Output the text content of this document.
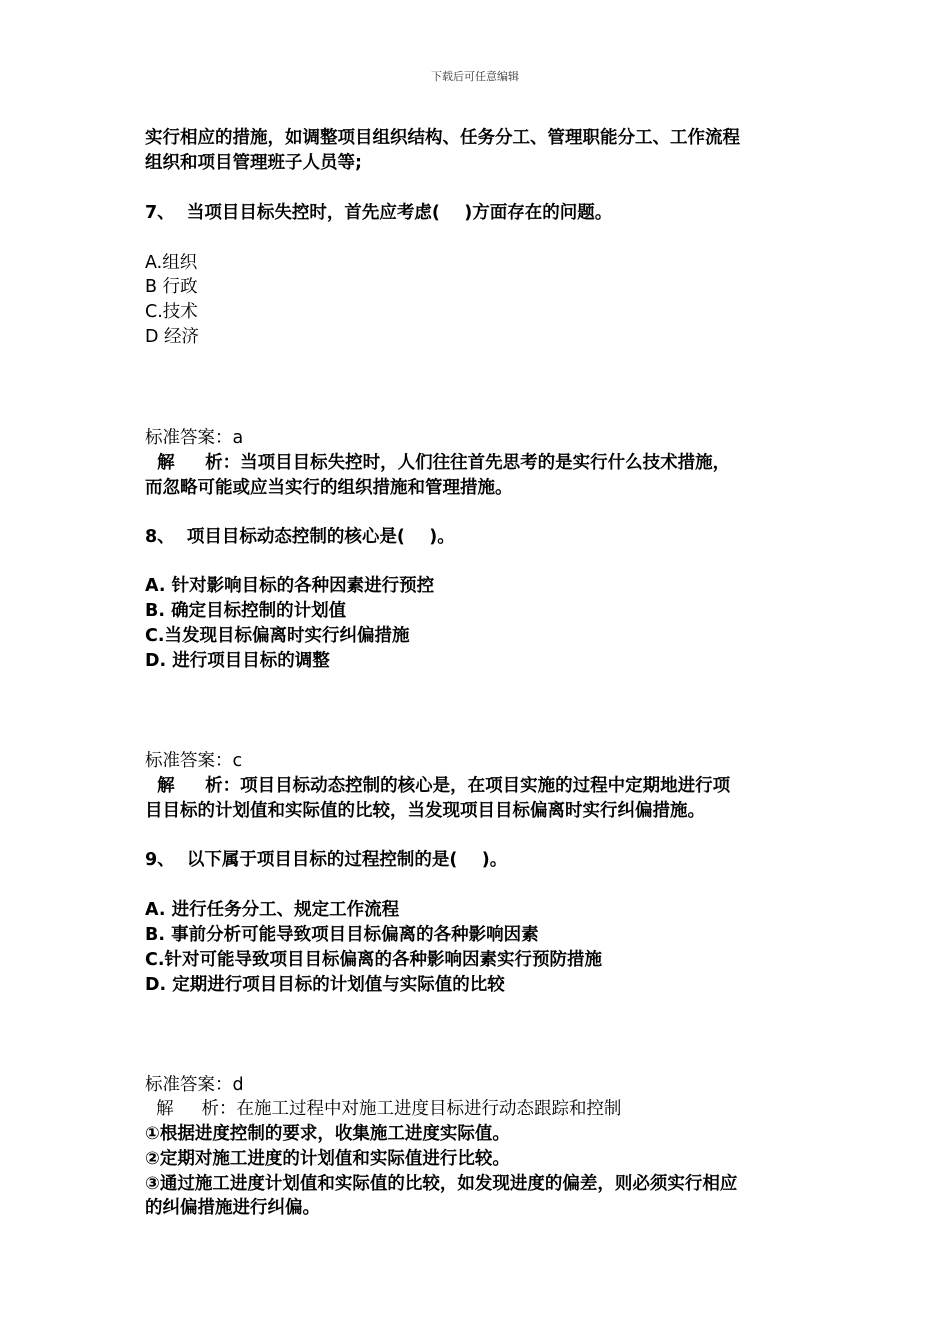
下载后可任意编辑
实行相应的措施，如调整项目组织结构、任务分工、管理职能分工、工作流程
组织和项目管理班子人员等;
7、  当项目目标失控时，首先应考虑(    )方面存在的问题。
A.组织
B 行政
C.技术
D 经济
标准答案：a
解     析：当项目目标失控时，人们往往首先思考的是实行什么技术措施，
而忽略可能或应当实行的组织措施和管理措施。
8、  项目目标动态控制的核心是(    )。
A. 针对影响目标的各种因素进行预控
B. 确定目标控制的计划值
C.当发现目标偏离时实行纠偏措施
D. 进行项目目标的调整
标准答案：c
解     析：项目目标动态控制的核心是，在项目实施的过程中定期地进行项
目目标的计划值和实际值的比较，当发现项目目标偏离时实行纠偏措施。
9、  以下属于项目目标的过程控制的是(    )。
A. 进行任务分工、规定工作流程
B. 事前分析可能导致项目目标偏离的各种影响因素
C.针对可能导致项目目标偏离的各种影响因素实行预防措施
D. 定期进行项目目标的计划值与实际值的比较
标准答案：d
解     析：在施工过程中对施工进度目标进行动态跟踪和控制
①根据进度控制的要求，收集施工进度实际值。
②定期对施工进度的计划值和实际值进行比较。
③通过施工进度计划值和实际值的比较，如发现进度的偏差，则必须实行相应
的纠偏措施进行纠偏。
